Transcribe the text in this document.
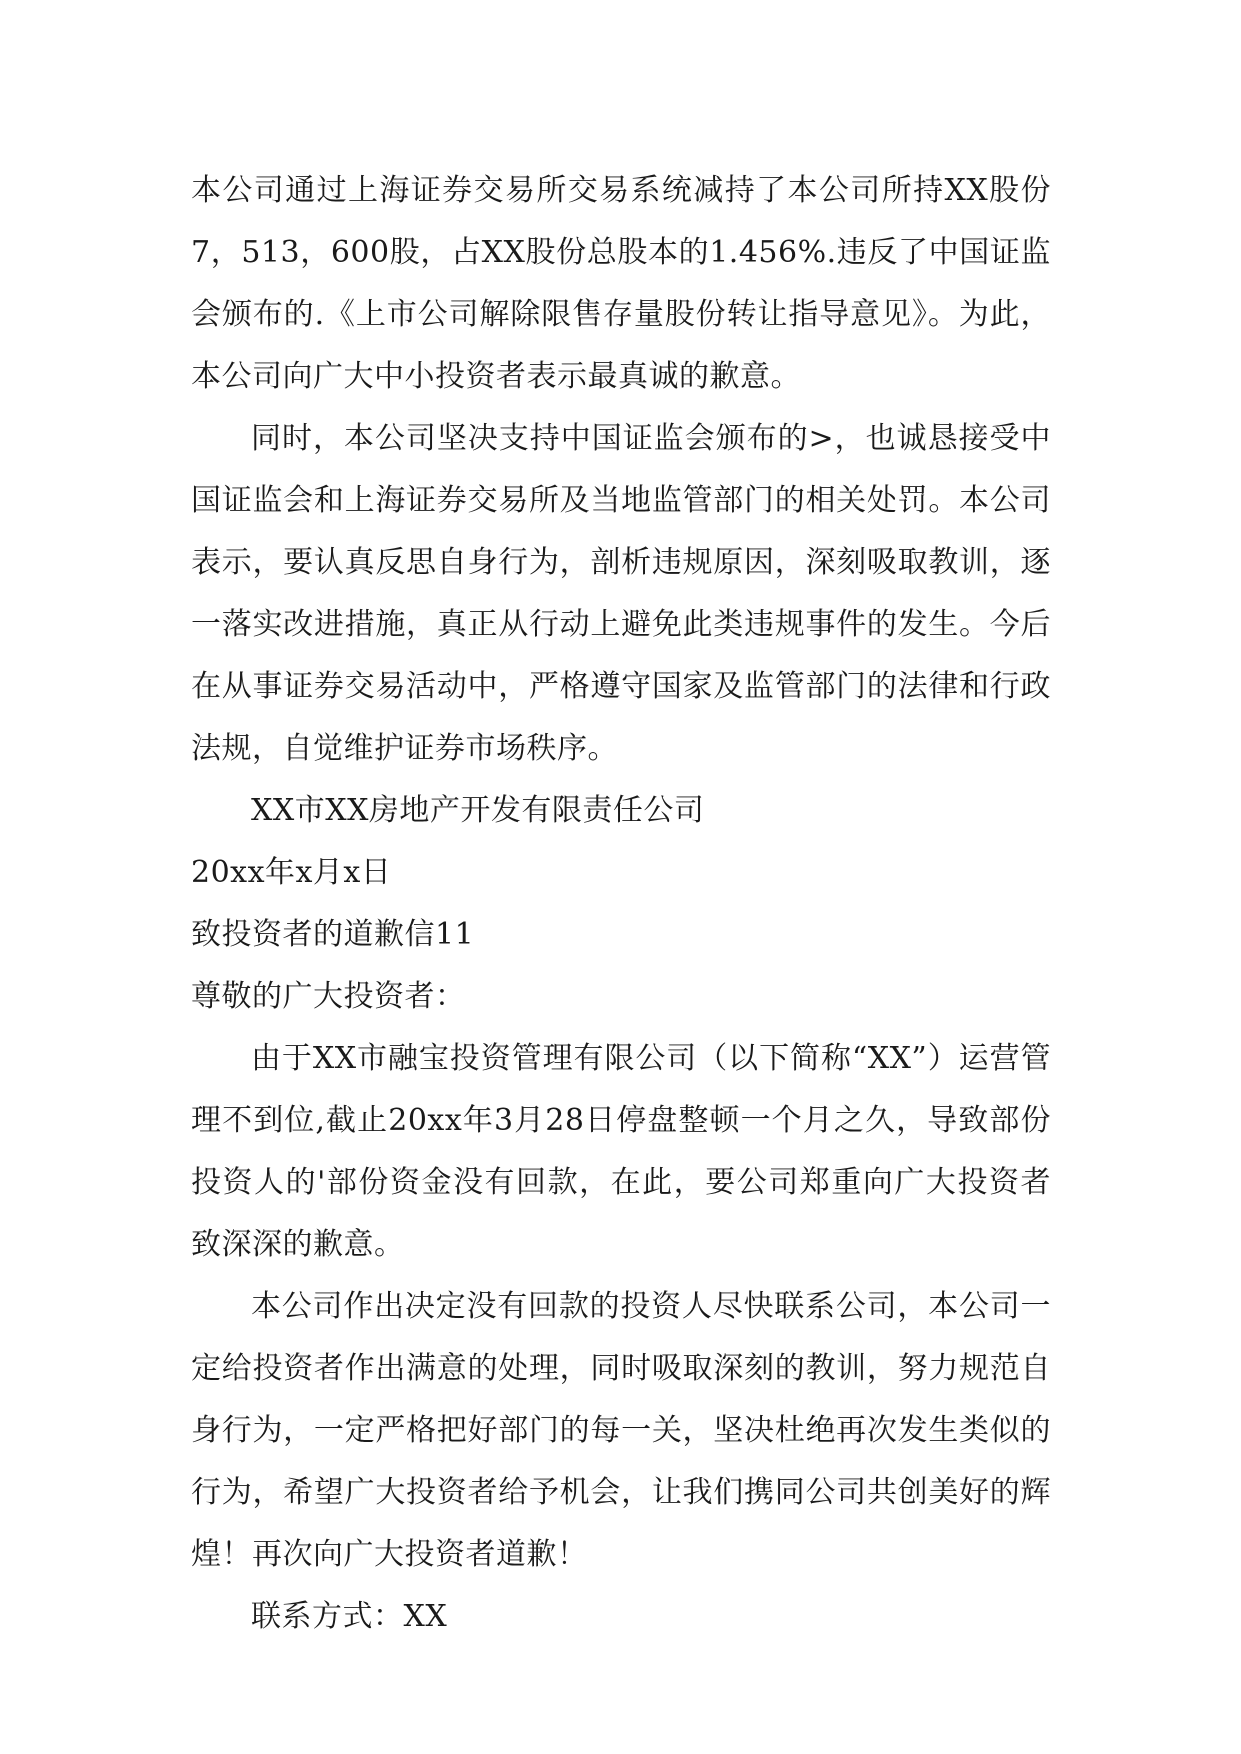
本公司通过上海证券交易所交易系统减持了本公司所持XX股份7，513，600股，占XX股份总股本的1.456%.违反了中国证监会颁布的.《上市公司解除限售存量股份转让指导意见》。为此，本公司向广大中小投资者表示最真诚的歉意。

同时，本公司坚决支持中国证监会颁布的>，也诚恳接受中国证监会和上海证券交易所及当地监管部门的相关处罚。本公司表示，要认真反思自身行为，剖析违规原因，深刻吸取教训，逐一落实改进措施，真正从行动上避免此类违规事件的发生。今后在从事证券交易活动中，严格遵守国家及监管部门的法律和行政法规，自觉维护证券市场秩序。

XX市XX房地产开发有限责任公司

20xx年x月x日

致投资者的道歉信11

尊敬的广大投资者：

由于XX市融宝投资管理有限公司（以下简称“XX”）运营管理不到位,截止20xx年3月28日停盘整顿一个月之久，导致部份投资人的'部份资金没有回款，在此，要公司郑重向广大投资者致深深的歉意。

本公司作出决定没有回款的投资人尽快联系公司，本公司一定给投资者作出满意的处理，同时吸取深刻的教训，努力规范自身行为，一定严格把好部门的每一关，坚决杜绝再次发生类似的行为，希望广大投资者给予机会，让我们携同公司共创美好的辉煌！再次向广大投资者道歉！

联系方式：XX
